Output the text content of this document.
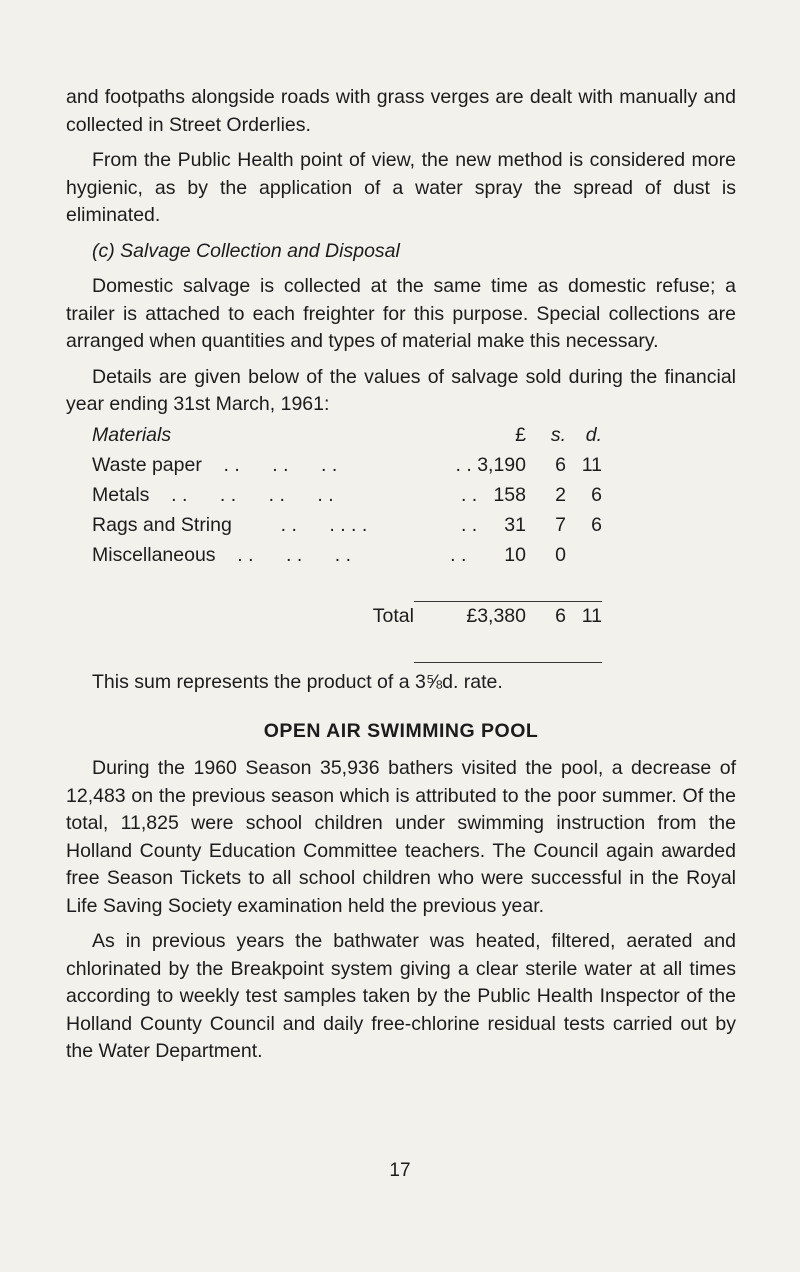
and footpaths alongside roads with grass verges are dealt with manually and collected in Street Orderlies.

From the Public Health point of view, the new method is considered more hygienic, as by the application of a water spray the spread of dust is eliminated.

(c) Salvage Collection and Disposal

Domestic salvage is collected at the same time as domestic refuse; a trailer is attached to each freighter for this purpose. Special collections are arranged when quantities and types of material make this necessary.

Details are given below of the values of salvage sold during the financial year ending 31st March, 1961:

Materials	£	s.	d.
Waste paper    . .      . .      . .	. . 3,190	6	11
Metals    . .      . .      . .      . .	. .   158	2	6
Rags and String         . .      . . . .	. .     31	7	6
Miscellaneous    . .      . .      . .	. .       10	0	

Total	£3,380	6	11

This sum represents the product of a 3⅝d. rate.

OPEN AIR SWIMMING POOL

During the 1960 Season 35,936 bathers visited the pool, a decrease of 12,483 on the previous season which is attributed to the poor summer. Of the total, 11,825 were school children under swimming instruction from the Holland County Education Committee teachers. The Council again awarded free Season Tickets to all school children who were successful in the Royal Life Saving Society examination held the previous year.

As in previous years the bathwater was heated, filtered, aerated and chlorinated by the Breakpoint system giving a clear sterile water at all times according to weekly test samples taken by the Public Health Inspector of the Holland County Council and daily free-chlorine residual tests carried out by the Water Department.

17
